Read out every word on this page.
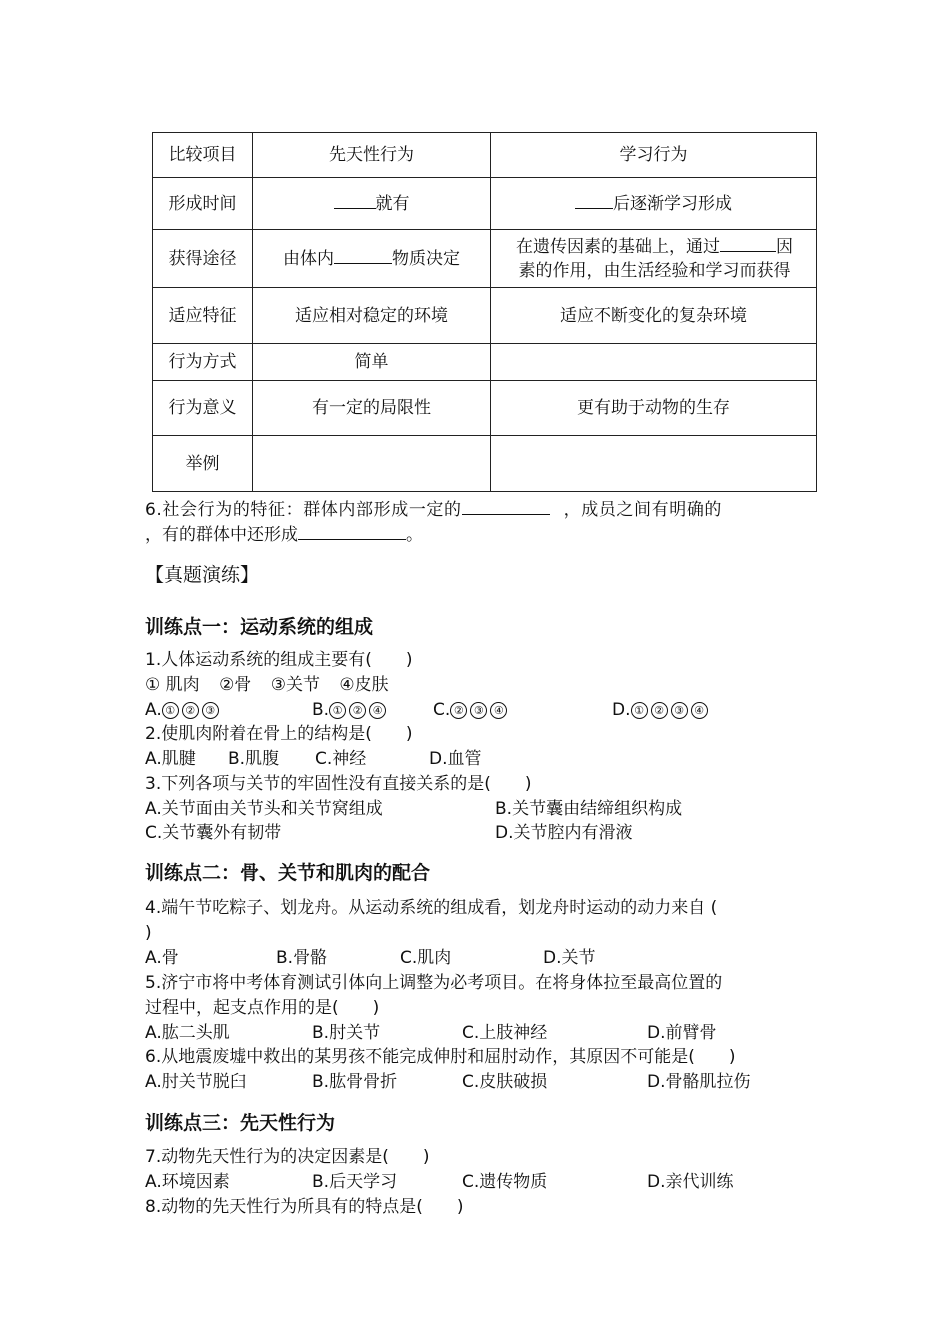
比较项目	先天性行为	学习行为
形成时间	就有	后逐渐学习形成
获得途径	由体内 物质决定	在遗传因素的基础上，通过 因
素的作用，由生活经验和学习而获得

适应特征	适应相对稳定的环境	适应不断变化的复杂环境
行为方式	简单	
行为意义	有一定的局限性	更有助于动物的生存
举例		
6.社会行为的特征：群体内部形成一定的	，成员之间有明确的
，有的群体中还形成	。
【真题演练】
训练点一：运动系统的组成
1.人体运动系统的组成主要有(　　)
① 肌肉 ②骨 ③关节 ④皮肤
A. ① ② ③	B. ① ② ④	C. ② ③ ④	D. ① ② ③ ④
2.使肌肉附着在骨上的结构是(　　)
A.肌腱 B.肌腹 C.神经	D.血管
3.下列各项与关节的牢固性没有直接关系的是(　　)
A.关节面由关节头和关节窝组成	B.关节囊由结缔组织构成
C.关节囊外有韧带	D.关节腔内有滑液
训练点二：骨、关节和肌肉的配合
4.端午节吃粽子、划龙舟。从运动系统的组成看，划龙舟时运动的动力来自 (
)
A.骨	B.骨骼	C.肌肉	D.关节
5.济宁市将中考体育测试引体向上调整为必考项目。在将身体拉至最高位置的
过程中，起支点作用的是(　　)
A.肱二头肌	B.肘关节	C.上肢神经	D.前臂骨
6.从地震废墟中救出的某男孩不能完成伸肘和屈肘动作，其原因不可能是(　　)
A.肘关节脱臼	B.肱骨骨折	C.皮肤破损	D.骨骼肌拉伤
训练点三：先天性行为
7.动物先天性行为的决定因素是(　　)
A.环境因素	B.后天学习	C.遗传物质	D.亲代训练
8.动物的先天性行为所具有的特点是(　　)
